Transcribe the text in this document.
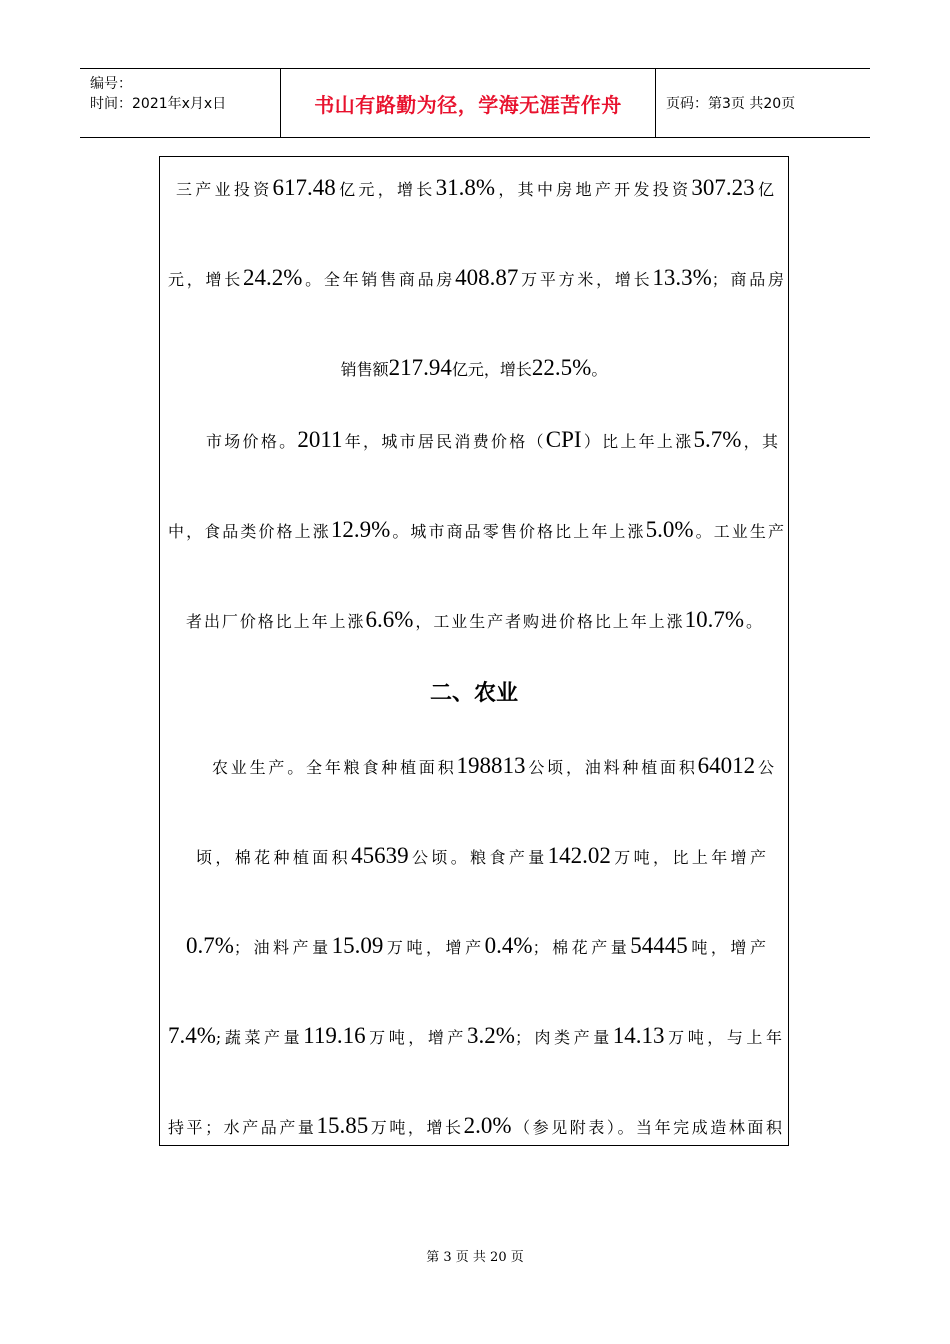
编号：
时间：2021年x月x日	书山有路勤为径，学海无涯苦作舟	页码：第3页 共20页
三产业投资617.48亿元，增长31.8%，其中房地产开发投资307.23亿
元，增长24.2%。全年销售商品房408.87万平方米，增长13.3%；商品房
销售额217.94亿元，增长22.5%。
市场价格。2011年，城市居民消费价格（CPI）比上年上涨5.7%，其
中，食品类价格上涨12.9%。城市商品零售价格比上年上涨5.0%。工业生产
者出厂价格比上年上涨6.6%，工业生产者购进价格比上年上涨10.7%。
二、农业
农业生产。全年粮食种植面积198813公顷，油料种植面积64012公
顷，棉花种植面积45639公顷。粮食产量142.02万吨，比上年增产
0.7%；油料产量15.09万吨，增产0.4%；棉花产量54445吨，增产
7.4%;蔬菜产量119.16万吨，增产3.2%；肉类产量14.13万吨，与上年
持平；水产品产量15.85万吨，增长2.0%（参见附表）。当年完成造林面积
第 3 页 共 20 页
